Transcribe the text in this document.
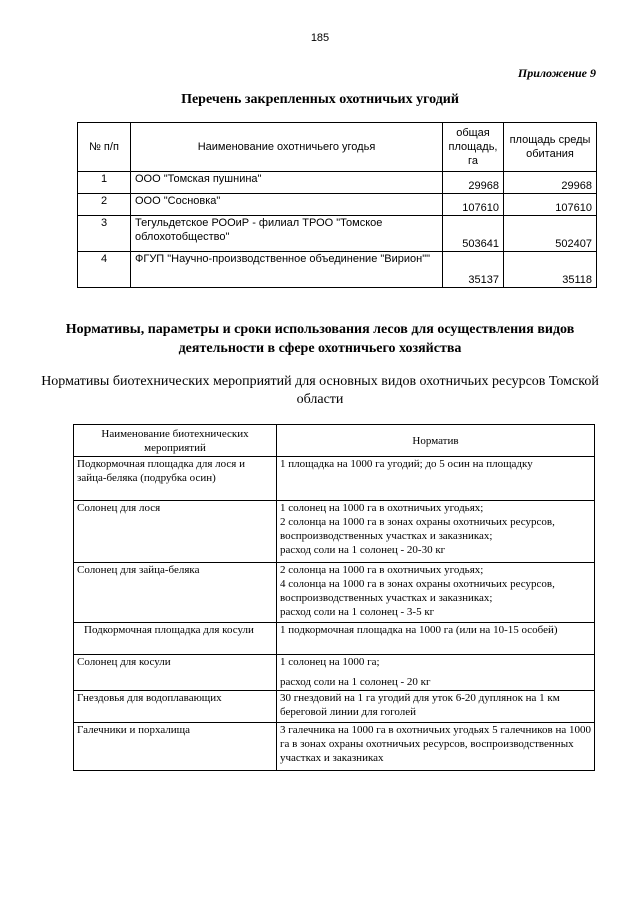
185
Приложение 9
Перечень закрепленных охотничьих угодий
№ п/п	Наименование охотничьего угодья	общая площадь, га	площадь среды обитания
1	ООО "Томская пушнина"	29968	29968
2	ООО "Сосновка"	107610	107610
3	Тегульдетское РООиР - филиал ТРОО "Томское облохотобщество"	503641	502407
4	ФГУП "Научно-производственное объединение "Вирион""	35137	35118
Нормативы, параметры и сроки использования лесов для осуществления видов деятельности в сфере охотничьего хозяйства
Нормативы биотехнических мероприятий для основных видов охотничьих ресурсов Томской области
Наименование биотехнических мероприятий	Норматив
Подкормочная площадка для лося и зайца-беляка (подрубка осин)	1 площадка на 1000 га угодий; до 5 осин на площадку

Солонец для лося	1 солонец на 1000 га в охотничьих угодьях;
2 солонца на 1000 га в зонах охраны охотничьих ресурсов, воспроизводственных участках и заказниках;
расход соли на 1 солонец - 20-30 кг

Солонец для зайца-беляка	2 солонца на 1000 га в охотничьих угодьях;
4 солонца на 1000 га в зонах охраны охотничьих ресурсов, воспроизводственных участках и заказниках;
расход соли на 1 солонец - 3-5 кг

Подкормочная площадка для косули	1 подкормочная площадка на 1000 га (или на 10-15 особей)

Солонец для косули	1 солонец на 1000 га;
расход соли на 1 солонец - 20 кг

Гнездовья для водоплавающих	30 гнездовий на 1 га угодий для уток 6-20 дуплянок на 1 км береговой линии для гоголей

Галечники и порхалища	3 галечника на 1000 га в охотничьих угодьях 5 галечников на 1000 га в зонах охраны охотничьих ресурсов, воспроизводственных участках и заказниках
